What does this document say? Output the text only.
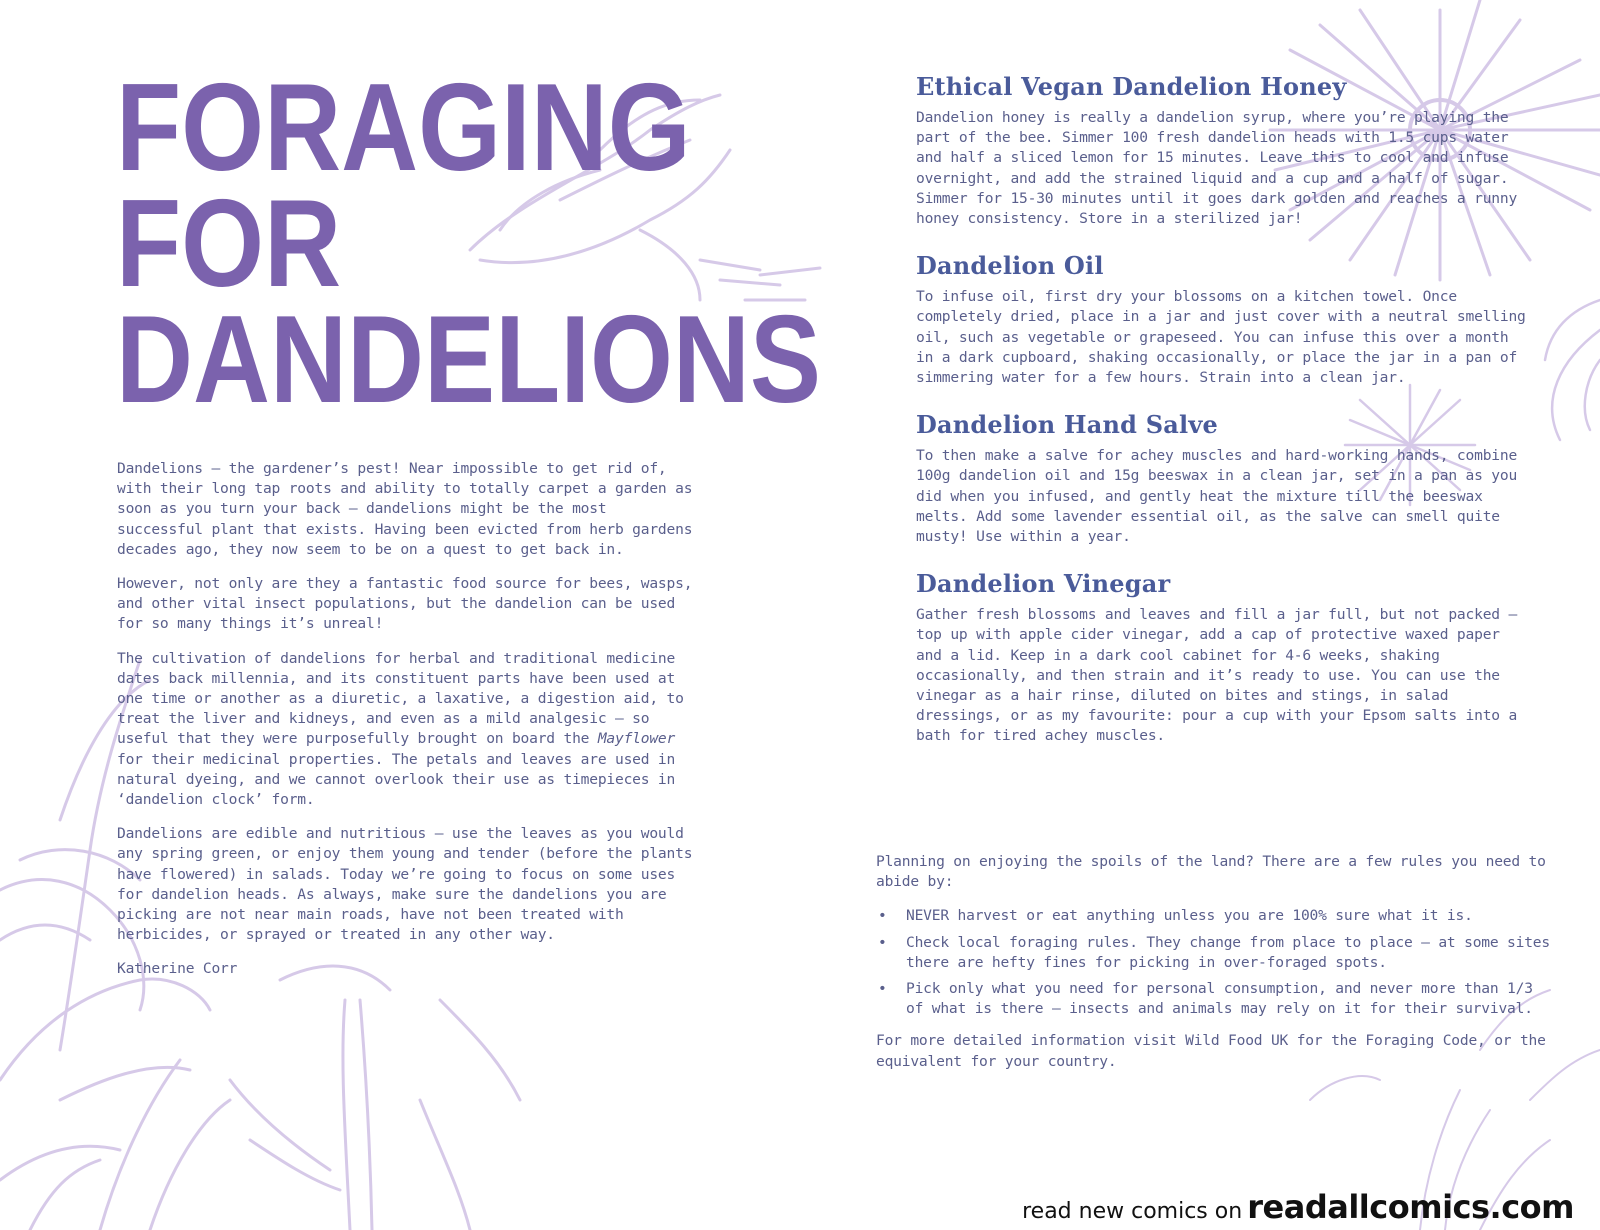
FORAGING
FOR
DANDELIONS

Dandelions – the gardener’s pest! Near impossible to get rid of, with their long tap roots and ability to totally carpet a garden as soon as you turn your back – dandelions might be the most successful plant that exists. Having been evicted from herb gardens decades ago, they now seem to be on a quest to get back in.

However, not only are they a fantastic food source for bees, wasps, and other vital insect populations, but the dandelion can be used for so many things it’s unreal!

The cultivation of dandelions for herbal and traditional medicine dates back millennia, and its constituent parts have been used at one time or another as a diuretic, a laxative, a digestion aid, to treat the liver and kidneys, and even as a mild analgesic – so useful that they were purposefully brought on board the Mayflower for their medicinal properties. The petals and leaves are used in natural dyeing, and we cannot overlook their use as timepieces in ‘dandelion clock’ form.

Dandelions are edible and nutritious – use the leaves as you would any spring green, or enjoy them young and tender (before the plants have flowered) in salads. Today we’re going to focus on some uses for dandelion heads. As always, make sure the dandelions you are picking are not near main roads, have not been treated with herbicides, or sprayed or treated in any other way.

Katherine Corr

Ethical Vegan Dandelion Honey

Dandelion honey is really a dandelion syrup, where you’re playing the part of the bee. Simmer 100 fresh dandelion heads with 1.5 cups water and half a sliced lemon for 15 minutes. Leave this to cool and infuse overnight, and add the strained liquid and a cup and a half of sugar. Simmer for 15-30 minutes until it goes dark golden and reaches a runny honey consistency. Store in a sterilized jar!

Dandelion Oil

To infuse oil, first dry your blossoms on a kitchen towel. Once completely dried, place in a jar and just cover with a neutral smelling oil, such as vegetable or grapeseed. You can infuse this over a month in a dark cupboard, shaking occasionally, or place the jar in a pan of simmering water for a few hours. Strain into a clean jar.

Dandelion Hand Salve

To then make a salve for achey muscles and hard-working hands, combine 100g dandelion oil and 15g beeswax in a clean jar, set in a pan as you did when you infused, and gently heat the mixture till the beeswax melts. Add some lavender essential oil, as the salve can smell quite musty! Use within a year.

Dandelion Vinegar

Gather fresh blossoms and leaves and fill a jar full, but not packed – top up with apple cider vinegar, add a cap of protective waxed paper and a lid. Keep in a dark cool cabinet for 4-6 weeks, shaking occasionally, and then strain and it’s ready to use. You can use the vinegar as a hair rinse, diluted on bites and stings, in salad dressings, or as my favourite: pour a cup with your Epsom salts into a bath for tired achey muscles.

Planning on enjoying the spoils of the land? There are a few rules you need to abide by:

• NEVER harvest or eat anything unless you are 100% sure what it is.
• Check local foraging rules. They change from place to place – at some sites there are hefty fines for picking in over-foraged spots.
• Pick only what you need for personal consumption, and never more than 1/3 of what is there – insects and animals may rely on it for their survival.

For more detailed information visit Wild Food UK for the Foraging Code, or the equivalent for your country.

read new comics on readallcomics.com
